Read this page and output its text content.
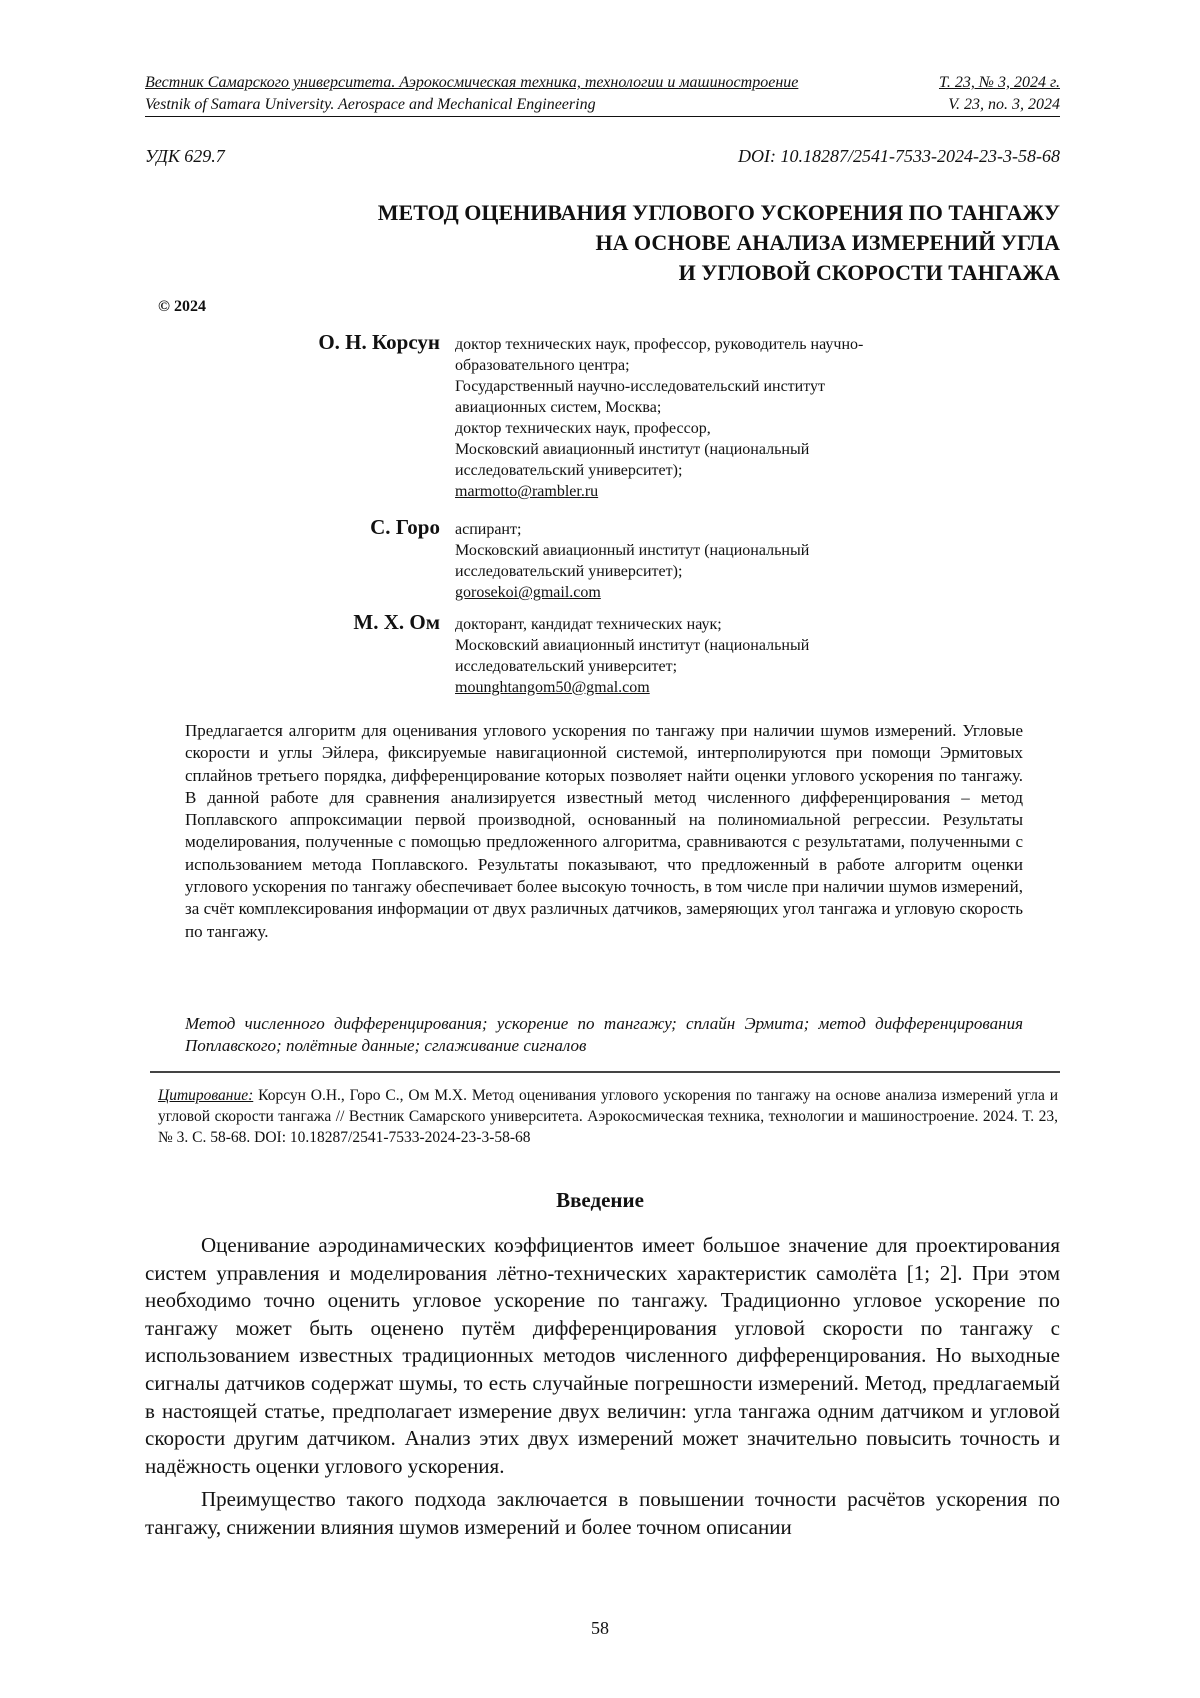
Вестник Самарского университета. Аэрокосмическая техника, технологии и машиностроение	Т. 23, № 3, 2024 г.
Vestnik of Samara University. Aerospace and Mechanical Engineering	V. 23, no. 3, 2024
УДК 629.7	DOI: 10.18287/2541-7533-2024-23-3-58-68
МЕТОД ОЦЕНИВАНИЯ УГЛОВОГО УСКОРЕНИЯ ПО ТАНГАЖУ
НА ОСНОВЕ АНАЛИЗА ИЗМЕРЕНИЙ УГЛА
И УГЛОВОЙ СКОРОСТИ ТАНГАЖА
© 2024
О. Н. Корсун доктор технических наук, профессор, руководитель научно-
образовательного центра;
Государственный научно-исследовательский институт
авиационных систем, Москва;
доктор технических наук, профессор,
Московский авиационный институт (национальный
исследовательский университет);
marmotto@rambler.ru
С. Горо аспирант;
Московский авиационный институт (национальный
исследовательский университет);
gorosekoi@gmail.com
М. Х. Ом докторант, кандидат технических наук;
Московский авиационный институт (национальный
исследовательский университет;
mounghtangom50@gmal.com
Предлагается алгоритм для оценивания углового ускорения по тангажу при наличии шумов измерений. Угловые скорости и углы Эйлера, фиксируемые навигационной системой, интерполируются при помощи Эрмитовых сплайнов третьего порядка, дифференцирование которых позволяет найти оценки углового ускорения по тангажу. В данной работе для сравнения анализируется известный метод численного дифференцирования – метод Поплавского аппроксимации первой производной, основанный на полиномиальной регрессии. Результаты моделирования, полученные с помощью предложенного алгоритма, сравниваются с результатами, полученными с использованием метода Поплавского. Результаты показывают, что предложенный в работе алгоритм оценки углового ускорения по тангажу обеспечивает более высокую точность, в том числе при наличии шумов измерений, за счёт комплексирования информации от двух различных датчиков, замеряющих угол тангажа и угловую скорость по тангажу.
Метод численного дифференцирования; ускорение по тангажу; сплайн Эрмита; метод дифференцирования Поплавского; полётные данные; сглаживание сигналов
Цитирование: Корсун О.Н., Горо С., Ом М.Х. Метод оценивания углового ускорения по тангажу на основе анализа измерений угла и угловой скорости тангажа // Вестник Самарского университета. Аэрокосмическая техника, технологии и машиностроение. 2024. Т. 23, № 3. С. 58-68. DOI: 10.18287/2541-7533-2024-23-3-58-68
Введение

Оценивание аэродинамических коэффициентов имеет большое значение для проектирования систем управления и моделирования лётно-технических характеристик самолёта [1; 2]. При этом необходимо точно оценить угловое ускорение по тангажу. Традиционно угловое ускорение по тангажу может быть оценено путём дифференцирования угловой скорости по тангажу с использованием известных традиционных методов численного дифференцирования. Но выходные сигналы датчиков содержат шумы, то есть случайные погрешности измерений. Метод, предлагаемый в настоящей статье, предполагает измерение двух величин: угла тангажа одним датчиком и угловой скорости другим датчиком. Анализ этих двух измерений может значительно повысить точность и надёжность оценки углового ускорения.

Преимущество такого подхода заключается в повышении точности расчётов ускорения по тангажу, снижении влияния шумов измерений и более точном описании

58
